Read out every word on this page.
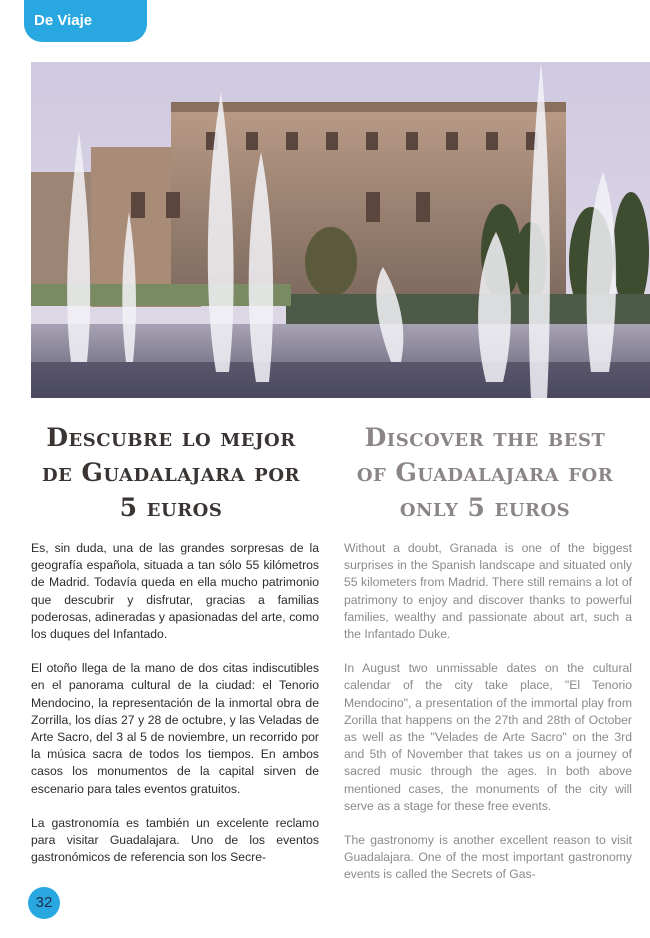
De Viaje
Descubre lo mejor
de Guadalajara por
5 euros
Discover the best
of Guadalajara for
only 5 euros

Es, sin duda, una de las grandes sorpresas de la geografía española, situada a tan sólo 55 kilómetros de Madrid. Todavía queda en ella mucho patrimonio que descubrir y disfrutar, gracias a familias poderosas, adineradas y apasionadas del arte, como los duques del Infantado.

El otoño llega de la mano de dos citas indiscutibles en el panorama cultural de la ciudad: el Tenorio Mendocino, la representación de la inmortal obra de Zorrilla, los días 27 y 28 de octubre, y las Veladas de Arte Sacro, del 3 al 5 de noviembre, un recorrido por la música sacra de todos los tiempos. En ambos casos los monumentos de la capital sirven de escenario para tales eventos gratuitos.

La gastronomía es también un excelente reclamo para visitar Guadalajara. Uno de los eventos gastronómicos de referencia son los Secre-

Without a doubt, Granada is one of the biggest surprises in the Spanish landscape and situated only 55 kilometers from Madrid. There still remains a lot of patrimony to enjoy and discover thanks to powerful families, wealthy and passionate about art, such a the Infantado Duke.

In August two unmissable dates on the cultural calendar of the city take place, "El Tenorio Mendocino", a presentation of the immortal play from Zorilla that happens on the 27th and 28th of October as well as the "Velades de Arte Sacro" on the 3rd and 5th of November that takes us on a journey of sacred music through the ages. In both above mentioned cases, the monuments of the city will serve as a stage for these free events.

The gastronomy is another excellent reason to visit Guadalajara. One of the most important gastronomy events is called the Secrets of Gas-

32
